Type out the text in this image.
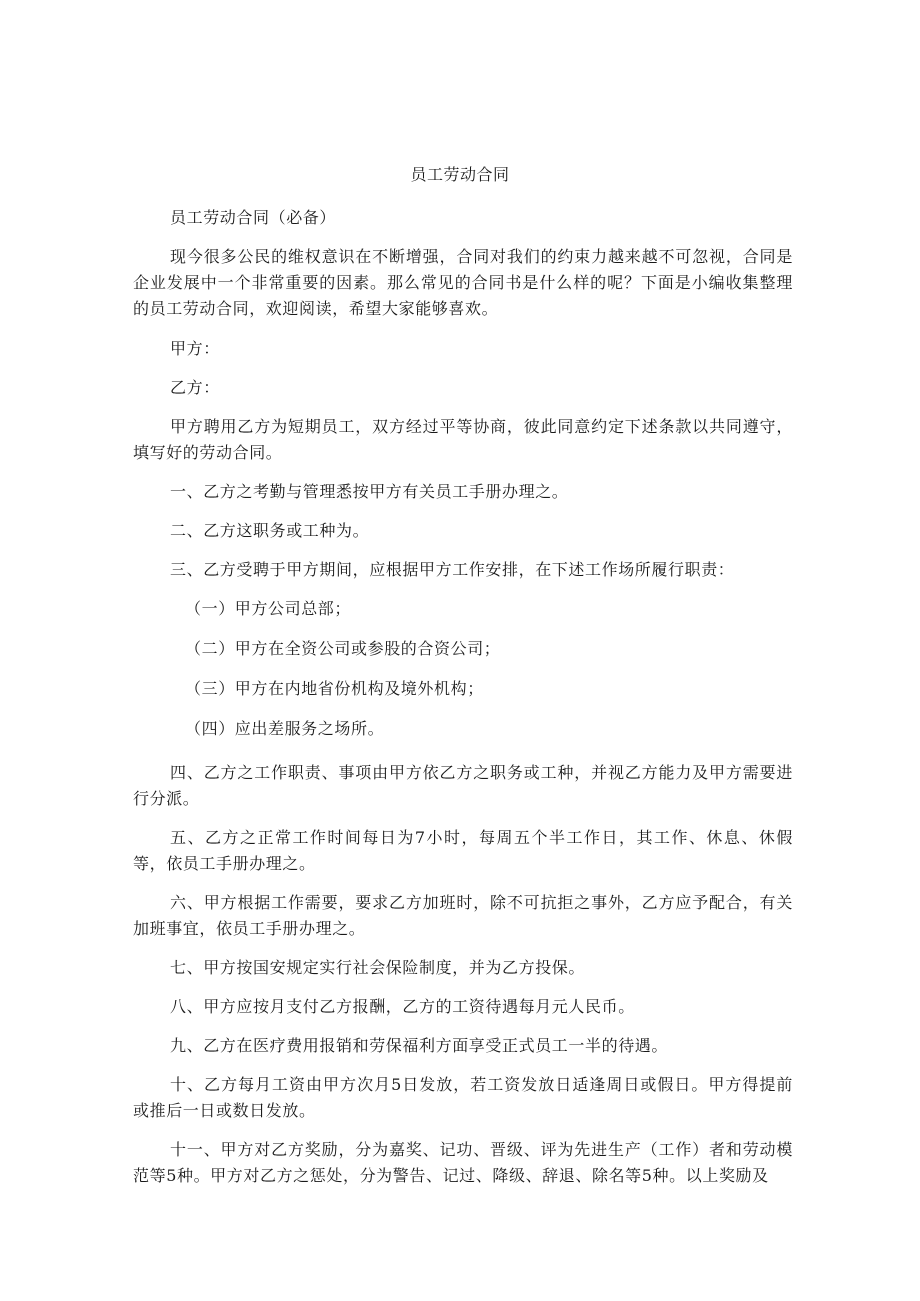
员工劳动合同

员工劳动合同（必备）

现今很多公民的维权意识在不断增强，合同对我们的约束力越来越不可忽视，合同是企业发展中一个非常重要的因素。那么常见的合同书是什么样的呢？下面是小编收集整理的员工劳动合同，欢迎阅读，希望大家能够喜欢。

甲方：

乙方：

甲方聘用乙方为短期员工，双方经过平等协商，彼此同意约定下述条款以共同遵守，填写好的劳动合同。

一、乙方之考勤与管理悉按甲方有关员工手册办理之。

二、乙方这职务或工种为。

三、乙方受聘于甲方期间，应根据甲方工作安排，在下述工作场所履行职责：

（一）甲方公司总部；

（二）甲方在全资公司或参股的合资公司；

（三）甲方在内地省份机构及境外机构；

（四）应出差服务之场所。

四、乙方之工作职责、事项由甲方依乙方之职务或工种，并视乙方能力及甲方需要进行分派。

五、乙方之正常工作时间每日为7小时，每周五个半工作日，其工作、休息、休假等，依员工手册办理之。

六、甲方根据工作需要，要求乙方加班时，除不可抗拒之事外，乙方应予配合，有关加班事宜，依员工手册办理之。

七、甲方按国安规定实行社会保险制度，并为乙方投保。

八、甲方应按月支付乙方报酬，乙方的工资待遇每月元人民币。

九、乙方在医疗费用报销和劳保福利方面享受正式员工一半的待遇。

十、乙方每月工资由甲方次月5日发放，若工资发放日适逢周日或假日。甲方得提前或推后一日或数日发放。

十一、甲方对乙方奖励，分为嘉奖、记功、晋级、评为先进生产（工作）者和劳动模范等5种。甲方对乙方之惩处，分为警告、记过、降级、辞退、除名等5种。以上奖励及
